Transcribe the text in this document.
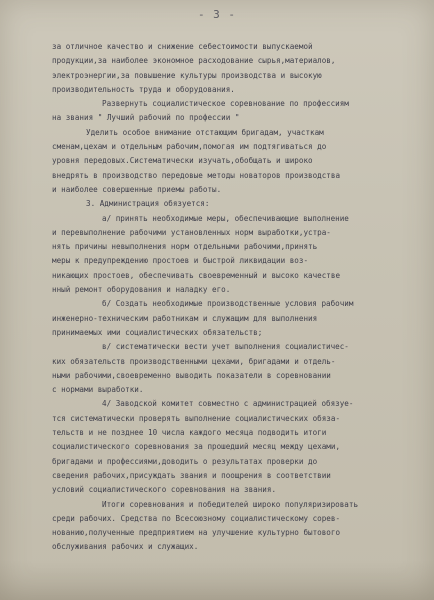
- 3 -
за отличное качество и снижение себестоимости выпускаемой
продукции,за наиболее экономное расходование сырья,материалов,
электроэнергии,за повышение культуры производства и высокую
производительность труда и оборудования.
Развернуть социалистическое соревнование по профессиям
на звания " Лучший рабочий по профессии "
Уделить особое внимание отстающим бригадам, участкам
сменам,цехам и отдельным рабочим,помогая им подтягиваться до
уровня передовых.Систематически изучать,обобщать и широко
внедрять в производство передовые методы новаторов производства
и наиболее совершенные приемы работы.
3. Администрация обязуется:
а/ принять необходимые меры, обеспечивающие выполнение
и перевыполнение рабочими установленных норм выработки,устра-
нять причины невыполнения норм отдельными рабочими,принять
меры к предупреждению простоев и быстрой ликвидации воз-
никающих простоев, обеспечивать своевременный и высоко качестве
нный ремонт оборудования и наладку его.
б/ Создать необходимые производственные условия рабочим
инженерно-техническим работникам и служащим для выполнения
принимаемых ими социалистических обязательств;
в/ систематически вести учет выполнения социалистичес-
ких обязательств производственными цехами, бригадами и отдель-
ными рабочими,своевременно выводить показатели в соревновании
с нормами выработки.
4/ Заводской комитет совместно с администрацией обязуе-
тся систематически проверять выполнение социалистических обяза-
тельств и не позднее 10 числа каждого месяца подводить итоги
социалистического соревнования за прошедший месяц между цехами,
бригадами и профессиями,доводить о результатах проверки до
сведения рабочих,присуждать звания и поощрения в соответствии
условий социалистического соревнования на звания.
Итоги соревнования и победителей широко популяризировать
среди рабочих. Средства по Всесоюзному социалистическому сорев-
нованию,полученные предприятием на улучшение культурно бытового
обслуживания рабочих и служащих.
